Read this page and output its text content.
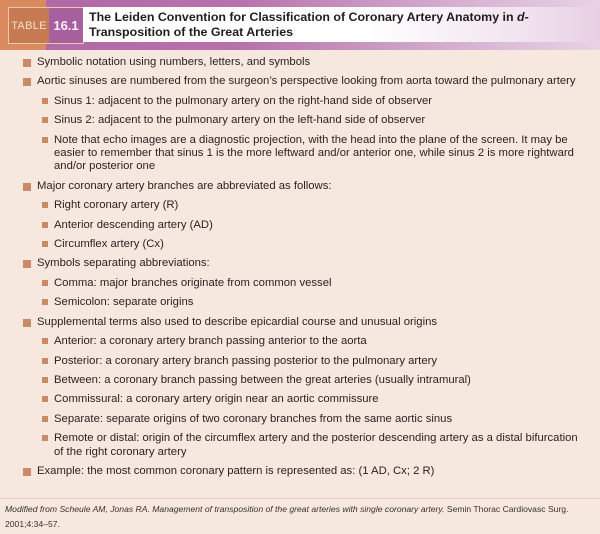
TABLE 16.1
The Leiden Convention for Classification of Coronary Artery Anatomy in d-Transposition of the Great Arteries
Symbolic notation using numbers, letters, and symbols
Aortic sinuses are numbered from the surgeon’s perspective looking from aorta toward the pulmonary artery
Sinus 1: adjacent to the pulmonary artery on the right-hand side of observer
Sinus 2: adjacent to the pulmonary artery on the left-hand side of observer
Note that echo images are a diagnostic projection, with the head into the plane of the screen. It may be easier to remember that sinus 1 is the more leftward and/or anterior one, while sinus 2 is more rightward and/or posterior one
Major coronary artery branches are abbreviated as follows:
Right coronary artery (R)
Anterior descending artery (AD)
Circumflex artery (Cx)
Symbols separating abbreviations:
Comma: major branches originate from common vessel
Semicolon: separate origins
Supplemental terms also used to describe epicardial course and unusual origins
Anterior: a coronary artery branch passing anterior to the aorta
Posterior: a coronary artery branch passing posterior to the pulmonary artery
Between: a coronary branch passing between the great arteries (usually intramural)
Commissural: a coronary artery origin near an aortic commissure
Separate: separate origins of two coronary branches from the same aortic sinus
Remote or distal: origin of the circumflex artery and the posterior descending artery as a distal bifurcation of the right coronary artery
Example: the most common coronary pattern is represented as: (1 AD, Cx; 2 R)
Modified from Scheule AM, Jonas RA. Management of transposition of the great arteries with single coronary artery. Semin Thorac Cardiovasc Surg. 2001;4:34–57.
